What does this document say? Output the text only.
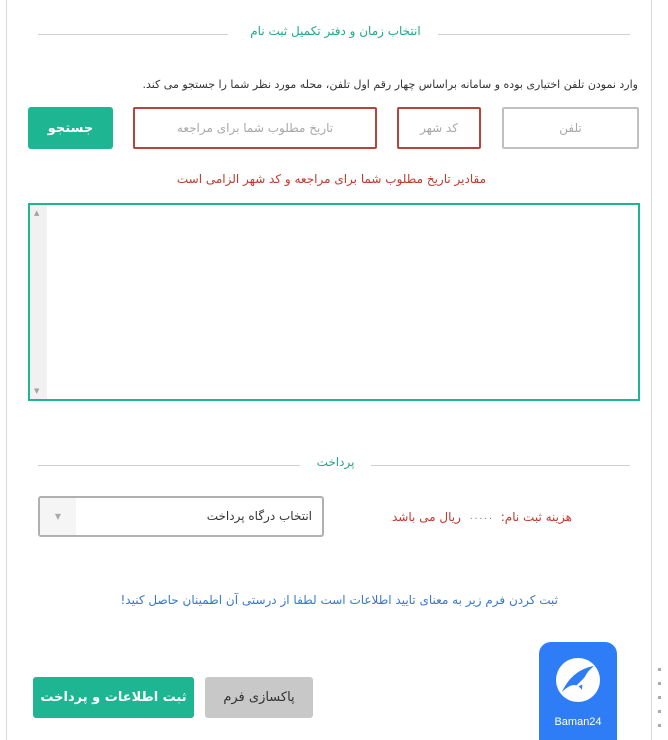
انتخاب زمان و دفتر تکمیل ثبت نام
وارد نمودن تلفن اختیاری بوده و سامانه براساس چهار رقم اول تلفن، محله مورد نظر شما را جستجو می کند.
تلفن
کد شهر
تاریخ مطلوب شما برای مراجعه
جستجو
مقادیر تاریخ مطلوب شما برای مراجعه و کد شهر الزامی است
▲
▼
پرداخت
هزینه ثبت نام: ٠٠٠٠٠ ریال می باشد
انتخاب درگاه پرداخت
▼
ثبت کردن فرم زیر به معنای تایید اطلاعات است لطفا از درستی آن اطمینان حاصل کنید!
Baman24
پاکسازی فرم
ثبت اطلاعات و پرداخت
